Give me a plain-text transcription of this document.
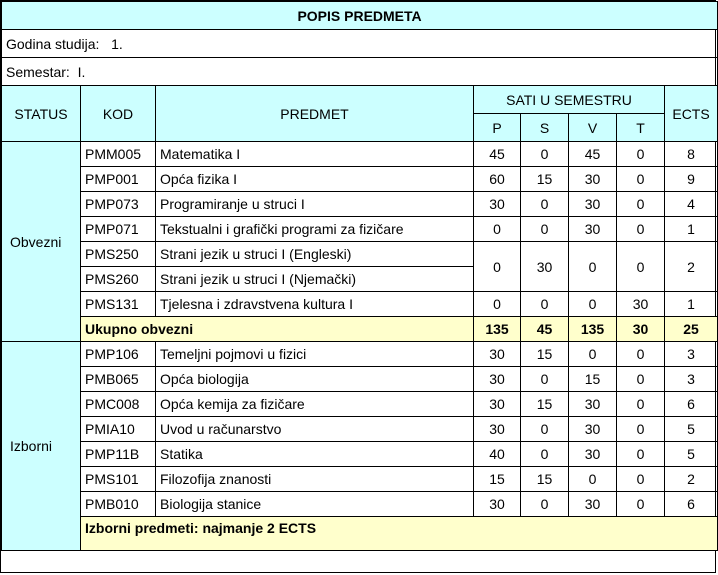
POPIS PREDMETA							
Godina studija: 1.							
Semestar: I.							
STATUS	KOD	PREDMET	SATI U SEMESTRU				ECTS
			P	S	V	T	
Obvezni	PMM005	Matematika I	45	0	45	0	8
	PMP001	Opća fizika I	60	15	30	0	9
	PMP073	Programiranje u struci I	30	0	30	0	4
	PMP071	Tekstualni i grafički programi za fizičare	0	0	30	0	1
	PMS250	Strani jezik u struci I (Engleski)	0	30	0	0	2
	PMS260	Strani jezik u struci I (Njemački)					
	PMS131	Tjelesna i zdravstvena kultura I	0	0	0	30	1
	Ukupno obvezni		135	45	135	30	25
Izborni	PMP106	Temeljni pojmovi u fizici	30	15	0	0	3
	PMB065	Opća biologija	30	0	15	0	3
	PMC008	Opća kemija za fizičare	30	15	30	0	6
	PMIA10	Uvod u računarstvo	30	0	30	0	5
	PMP11B	Statika	40	0	30	0	5
	PMS101	Filozofija znanosti	15	15	0	0	2
	PMB010	Biologija stanice	30	0	30	0	6
	Izborni predmeti: najmanje 2 ECTS						
